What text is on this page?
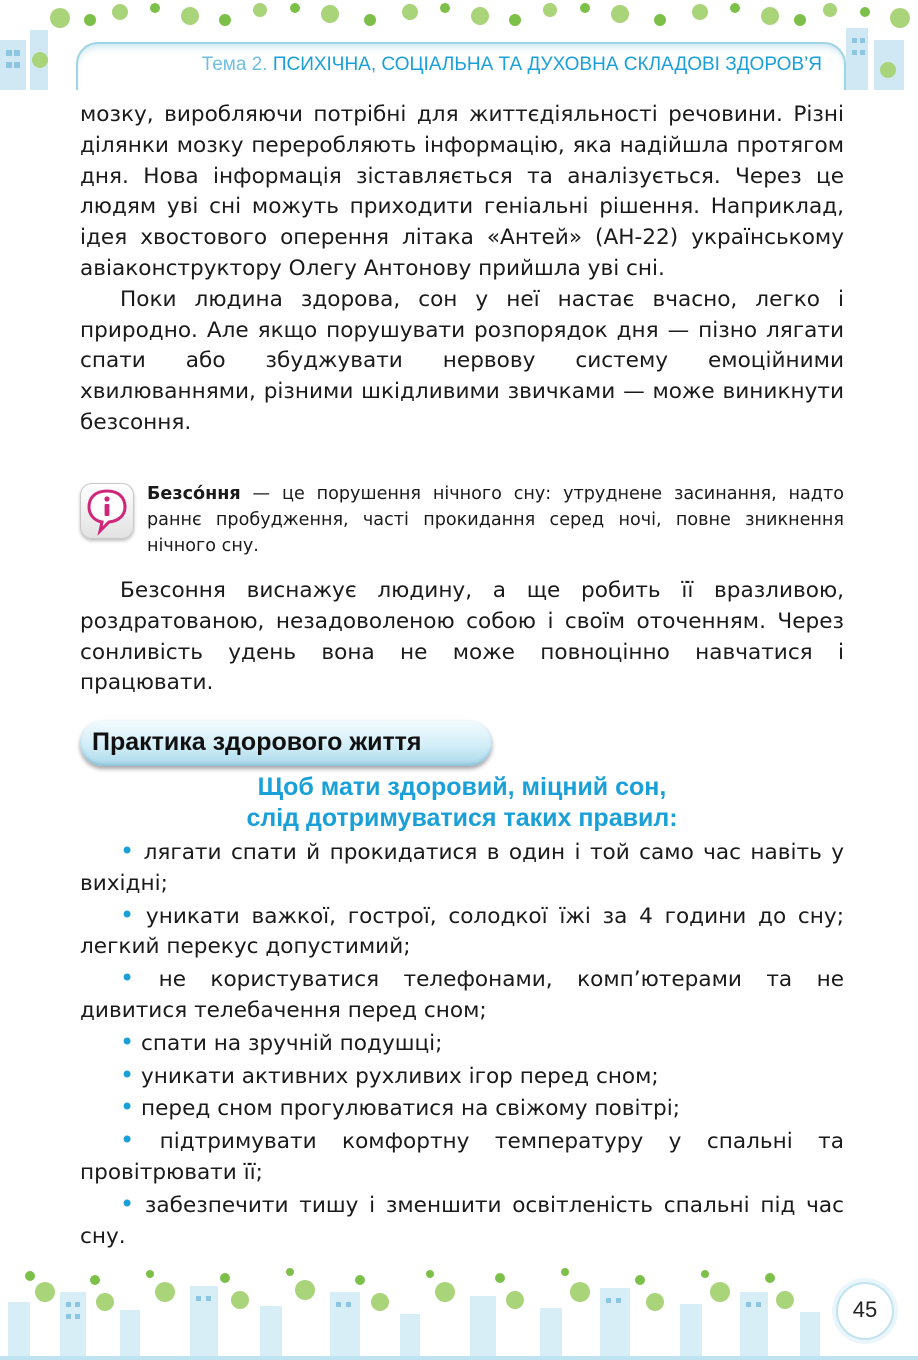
Тема 2. ПСИХІЧНА, СОЦІАЛЬНА ТА ДУХОВНА СКЛАДОВІ ЗДОРОВ’Я

мозку, виробляючи потрібні для життєдіяльності речовини. Різні ділянки мозку переробляють інформацію, яка надійшла протягом дня. Нова інформація зіставляється та аналізується. Через це людям уві сні можуть приходити геніальні рішення. Наприклад, ідея хвостового оперення літака «Антей» (АН-22) українському авіаконструктору Олегу Антонову прийшла уві сні.

Поки людина здорова, сон у неї настає вчасно, легко і природно. Але якщо порушувати розпорядок дня — пізно лягати спати або збуджувати нервову систему емоційними хвилюваннями, різними шкідливими звичками — може виникнути безсоння.

Безсо́ння — це порушення нічного сну: утруднене засинання, надто раннє пробудження, часті прокидання серед ночі, повне зникнення нічного сну.

Безсоння виснажує людину, а ще робить її вразливою, роздратованою, незадоволеною собою і своїм оточенням. Через сонливість удень вона не може повноцінно навчатися і працювати.

Практика здорового життя
Щоб мати здоровий, міцний сон,
слід дотримуватися таких правил:

• лягати спати й прокидатися в один і той само час навіть у вихідні;

• уникати важкої, гострої, солодкої їжі за 4 години до сну; легкий перекус допустимий;

• не користуватися телефонами, комп’ютерами та не дивитися телебачення перед сном;

• спати на зручній подушці;

• уникати активних рухливих ігор перед сном;

• перед сном прогулюватися на свіжому повітрі;

• підтримувати комфортну температуру у спальні та провітрювати її;

• забезпечити тишу і зменшити освітленість спальні під час сну.

45
